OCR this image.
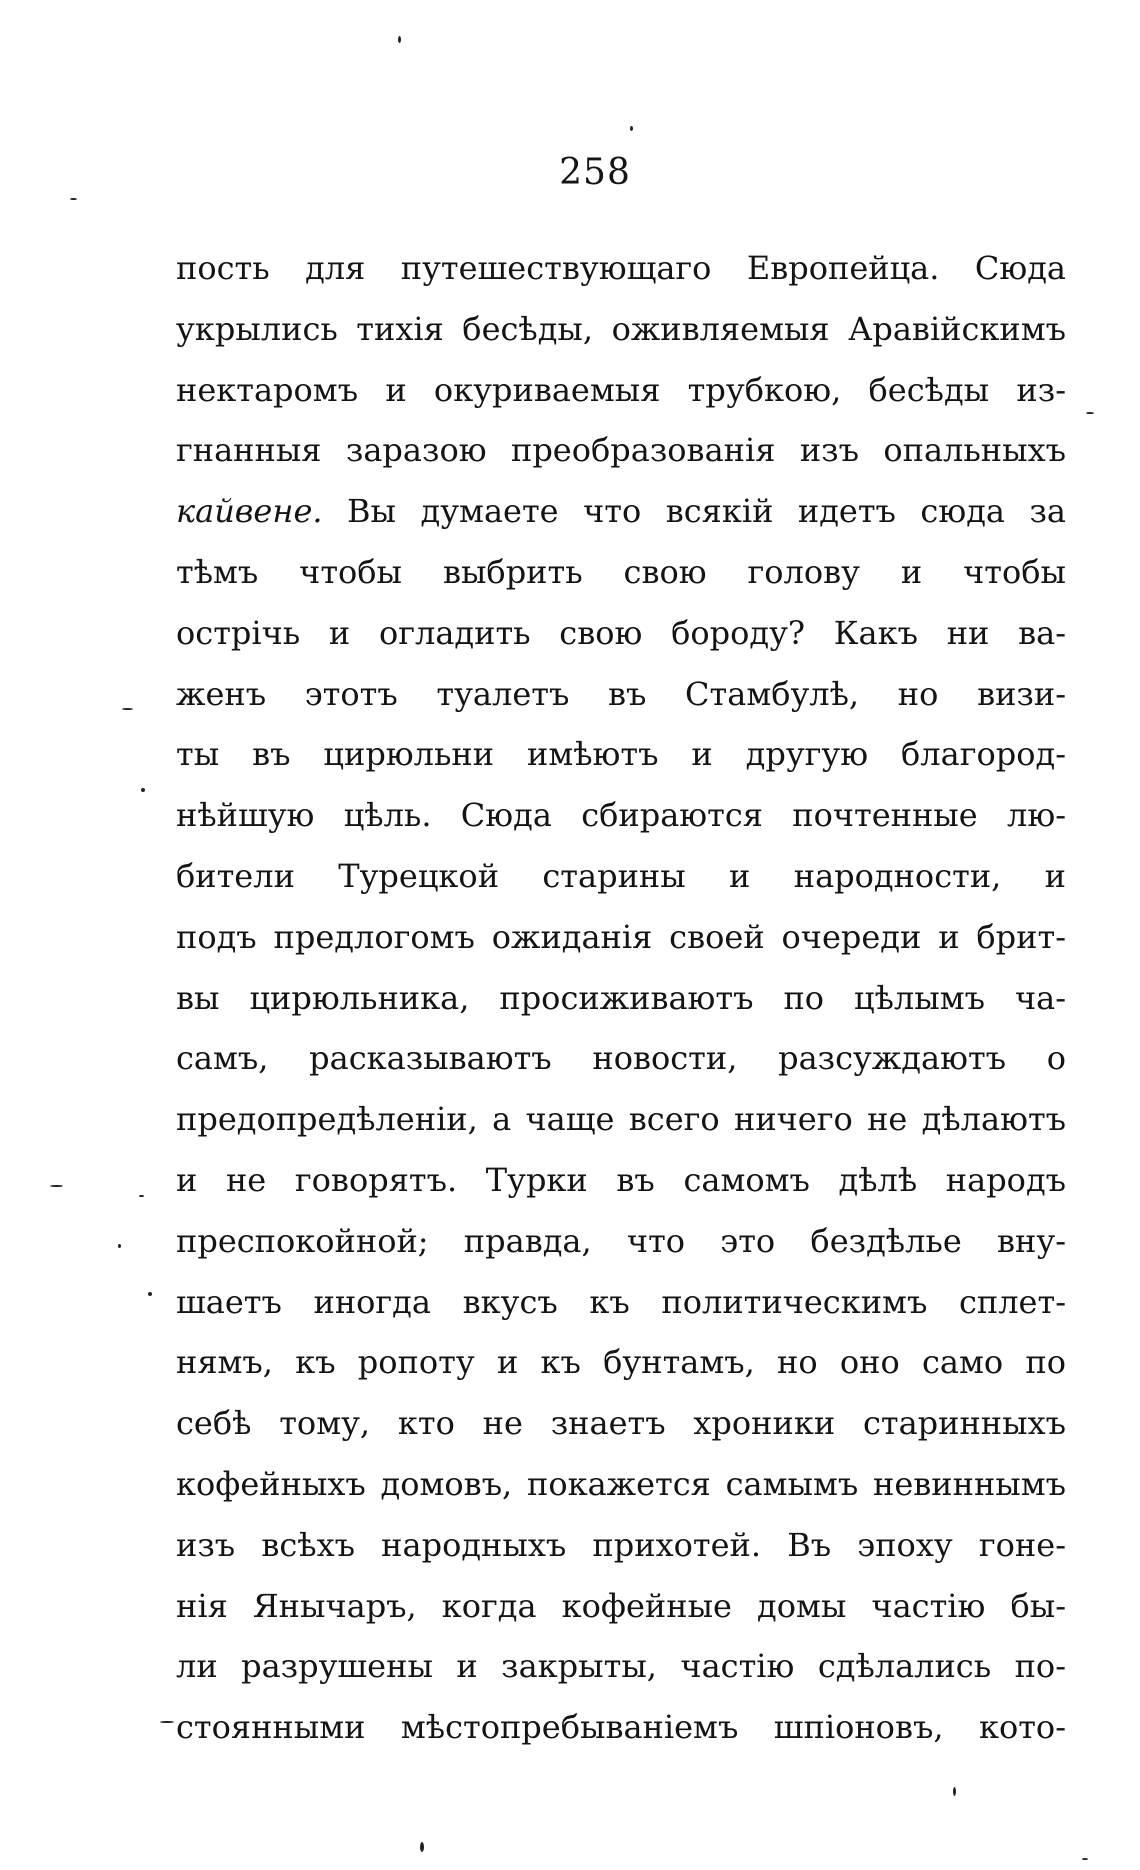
258
пость для путешествующаго Европейца. Сюда
укрылись тихія бесѣды, оживляемыя Аравійскимъ
нектаромъ и окуриваемыя трубкою, бесѣды из-
гнанныя заразою преобразованія изъ опальныхъ
кайвене. Вы думаете что всякій идетъ сюда за
тѣмъ чтобы выбрить свою голову и чтобы
острічь и огладить свою бороду? Какъ ни ва-
женъ этотъ туалетъ въ Стамбулѣ, но визи-
ты въ цирюльни имѣютъ и другую благород-
нѣйшую цѣль. Сюда сбираются почтенные лю-
бители Турецкой старины и народности, и
подъ предлогомъ ожиданія своей очереди и брит-
вы цирюльника, просиживаютъ по цѣлымъ ча-
самъ, расказываютъ новости, разсуждаютъ о
предопредѣленіи, а чаще всего ничего не дѣлаютъ
и не говорятъ. Турки въ самомъ дѣлѣ народъ
преспокойной; правда, что это бездѣлье вну-
шаетъ иногда вкусъ къ политическимъ сплет-
нямъ, къ ропоту и къ бунтамъ, но оно само по
себѣ тому, кто не знаетъ хроники старинныхъ
кофейныхъ домовъ, покажется самымъ невиннымъ
изъ всѣхъ народныхъ прихотей. Въ эпоху гоне-
нія Янычаръ, когда кофейные домы частію бы-
ли разрушены и закрыты, частію сдѣлались по-
стоянными мѣстопребываніемъ шпіоновъ, кото-
